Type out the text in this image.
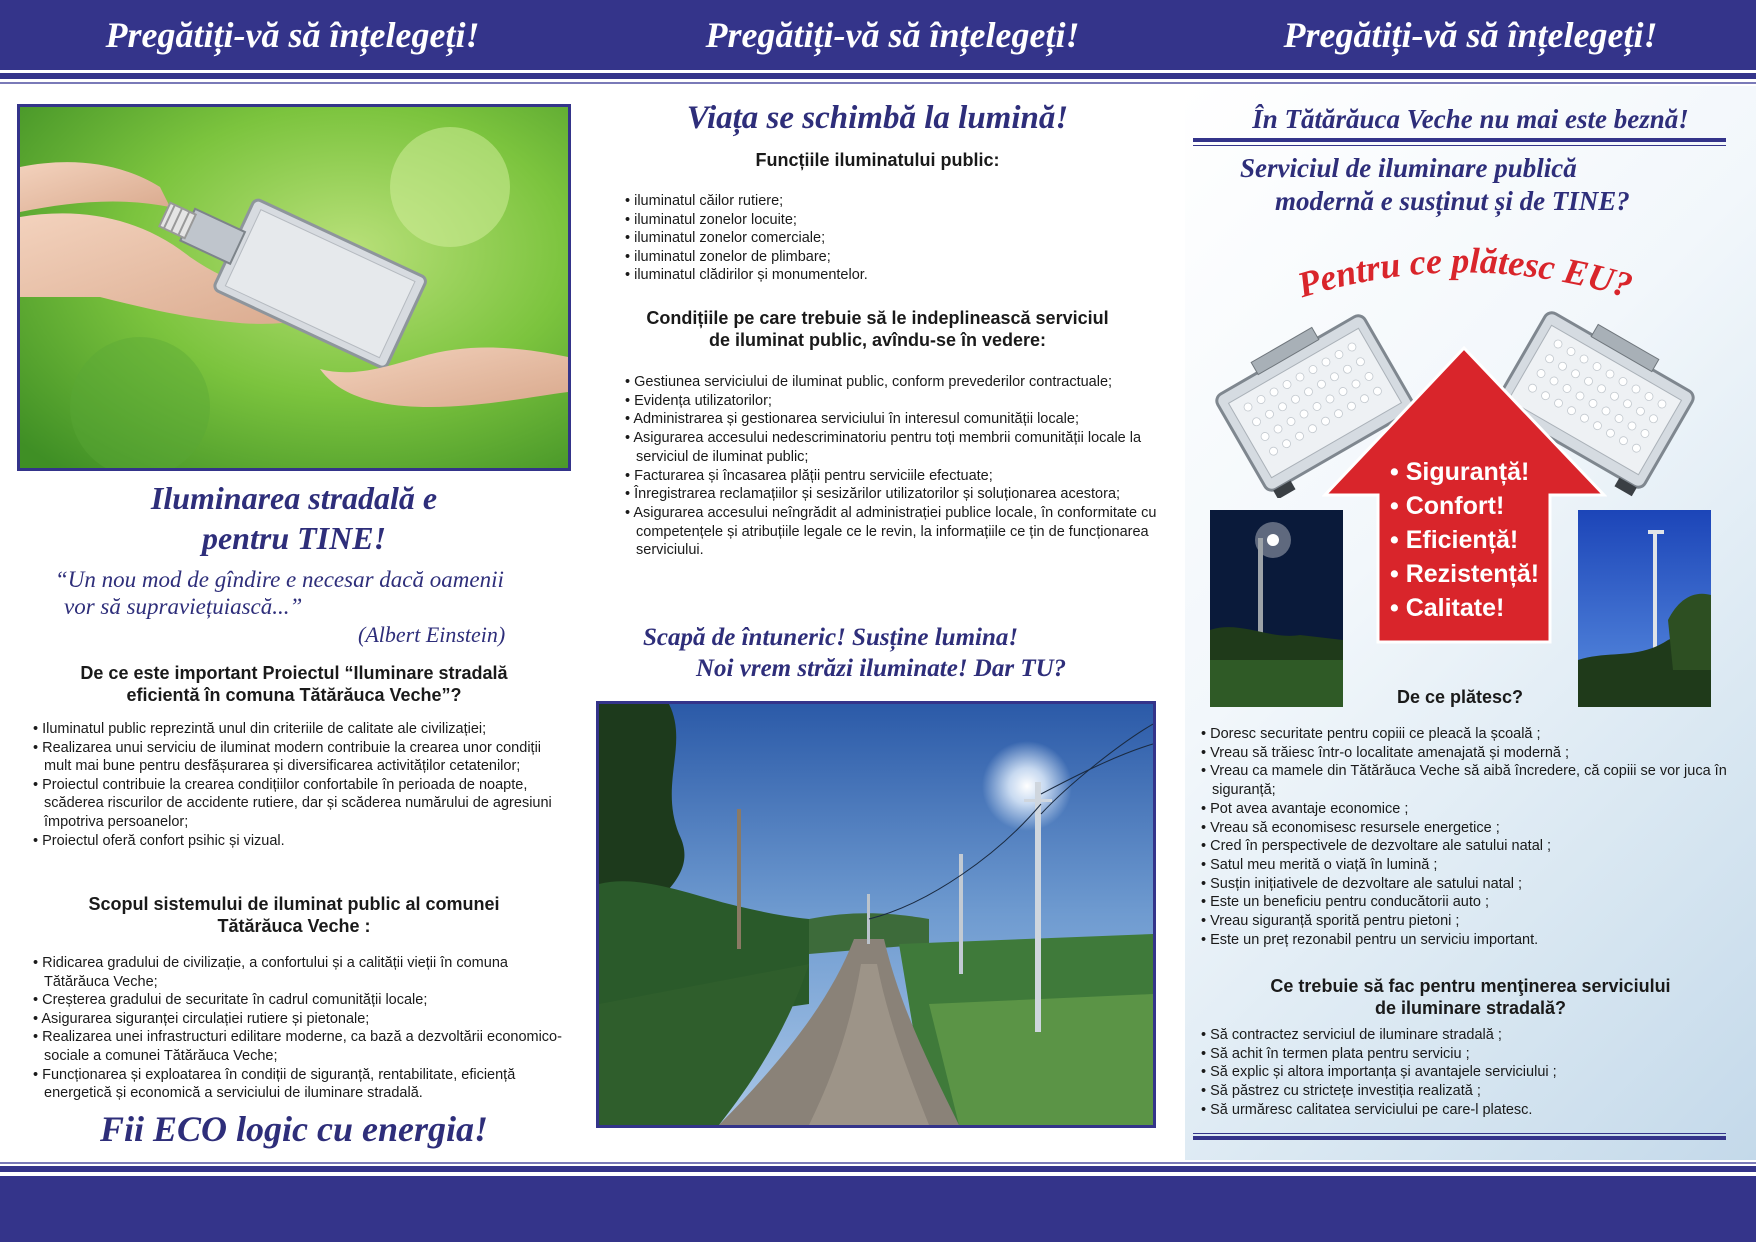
Pregătiți-vă să înțelegeți!	Pregătiți-vă să înțelegeți!	Pregătiți-vă să înțelegeți!
Iluminarea stradală e
pentru TINE!
“Un nou mod de gîndire e necesar dacă oamenii
vor să supraviețuiască...”
(Albert Einstein)
De ce este important Proiectul “Iluminare stradală
eficientă în comuna Tătărăuca Veche”?
• Iluminatul public reprezintă unul din criteriile de calitate ale civilizației;
• Realizarea unui serviciu de iluminat modern contribuie la crearea unor condiții mult mai bune pentru desfășurarea și diversificarea activităților cetatenilor;
• Proiectul contribuie la crearea condițiilor confortabile în perioada de noapte, scăderea riscurilor de accidente rutiere, dar și scăderea numărului de agresiuni împotriva persoanelor;
• Proiectul oferă confort psihic și vizual.
Scopul sistemului de iluminat public al comunei
Tătărăuca Veche :
• Ridicarea gradului de civilizație, a confortului și a calității vieții în comuna Tătărăuca Veche;
• Creșterea gradului de securitate în cadrul comunității locale;
• Asigurarea siguranței circulației rutiere și pietonale;
• Realizarea unei infrastructuri edilitare moderne, ca bază a dezvoltării economico-sociale a comunei Tătărăuca Veche;
• Funcționarea și exploatarea în condiții de siguranță, rentabilitate, eficiență energetică și economică a serviciului de iluminare stradală.
Fii ECO logic cu energia!
Viața se schimbă la lumină!
Funcțiile iluminatului public:
• iluminatul căilor rutiere;
• iluminatul zonelor locuite;
• iluminatul zonelor comerciale;
• iluminatul zonelor de plimbare;
• iluminatul clădirilor și monumentelor.
Condițiile pe care trebuie să le indeplinească serviciul
de iluminat public, avîndu-se în vedere:
• Gestiunea serviciului de iluminat public, conform prevederilor contractuale;
• Evidența utilizatorilor;
• Administrarea și gestionarea serviciului în interesul comunității locale;
• Asigurarea accesului nedescriminatoriu pentru toți membrii comunității locale la serviciul de iluminat public;
• Facturarea și încasarea plății pentru serviciile efectuate;
• Înregistrarea reclamațiilor și sesizărilor utilizatorilor și soluționarea acestora;
• Asigurarea accesului neîngrădit al administrației publice locale, în conformitate cu competențele și atribuțiile legale ce le revin, la informațiile ce țin de funcționarea serviciului.
Scapă de întuneric! Susține lumina!
Noi vrem străzi iluminate! Dar TU?
În Tătărăuca Veche nu mai este beznă!
Serviciul de iluminare publică
modernă e susținut și de TINE?
Pentru ce plătesc EU?
• Siguranță!
• Confort!
• Eficiență!
• Rezistență!
• Calitate!
De ce plătesc?
• Doresc securitate pentru copiii ce pleacă la școală ;
• Vreau să trăiesc într-o localitate amenajată și modernă ;
• Vreau ca mamele din Tătărăuca Veche să aibă încredere, că copiii se vor juca în siguranță;
• Pot avea avantaje economice ;
• Vreau să economisesc resursele energetice ;
• Cred în perspectivele de dezvoltare ale satului natal ;
• Satul meu merită o viață în lumină ;
• Susțin inițiativele de dezvoltare ale satului natal ;
• Este un beneficiu pentru conducătorii auto ;
• Vreau siguranță sporită pentru pietoni ;
• Este un preț rezonabil pentru un serviciu important.
Ce trebuie să fac pentru menţinerea serviciului
de iluminare stradală?
• Să contractez serviciul de iluminare stradală ;
• Să achit în termen plata pentru serviciu ;
• Să explic și altora importanța și avantajele serviciului ;
• Să păstrez cu strictețe investiția realizată ;
• Să urmăresc calitatea serviciului pe care-l platesc.
